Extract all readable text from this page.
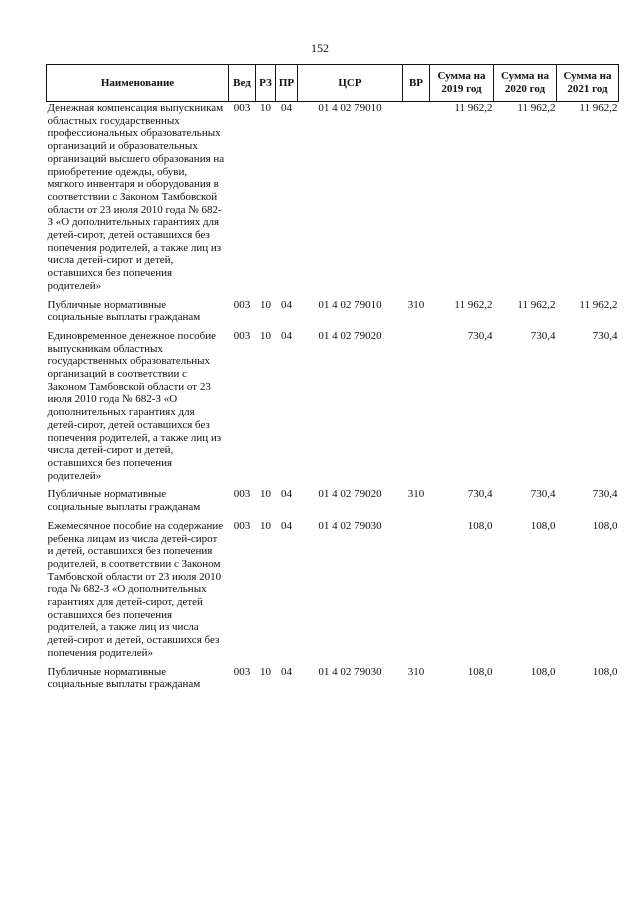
152
Наименование	Вед	РЗ	ПР	ЦСР	ВР	Сумма на 2019 год	Сумма на 2020 год	Сумма на 2021 год
Денежная компенсация выпускникам областных государственных профессиональных образовательных организаций и образовательных организаций высшего образования на приобретение одежды, обуви, мягкого инвентаря и оборудования в соответствии с Законом Тамбовской области от 23 июля 2010 года № 682-З «О дополнительных гарантиях для детей-сирот, детей оставшихся без попечения родителей, а также лиц из числа детей-сирот и детей, оставшихся без попечения родителей»	003	10	04	01 4 02 79010		11 962,2	11 962,2	11 962,2
Публичные нормативные социальные выплаты гражданам	003	10	04	01 4 02 79010	310	11 962,2	11 962,2	11 962,2
Единовременное денежное пособие выпускникам областных государственных образовательных организаций в соответствии с Законом Тамбовской области от 23 июля 2010 года № 682-З «О дополнительных гарантиях для детей-сирот, детей оставшихся без попечения родителей, а также лиц из числа детей-сирот и детей, оставшихся без попечения родителей»	003	10	04	01 4 02 79020		730,4	730,4	730,4
Публичные нормативные социальные выплаты гражданам	003	10	04	01 4 02 79020	310	730,4	730,4	730,4
Ежемесячное пособие на содержание ребенка лицам из числа детей-сирот и детей, оставшихся без попечения родителей, в соответствии с Законом Тамбовской области от 23 июля 2010 года № 682-З «О дополнительных гарантиях для детей-сирот, детей оставшихся без попечения родителей, а также лиц из числа детей-сирот и детей, оставшихся без попечения родителей»	003	10	04	01 4 02 79030		108,0	108,0	108,0
Публичные нормативные социальные выплаты гражданам	003	10	04	01 4 02 79030	310	108,0	108,0	108,0
